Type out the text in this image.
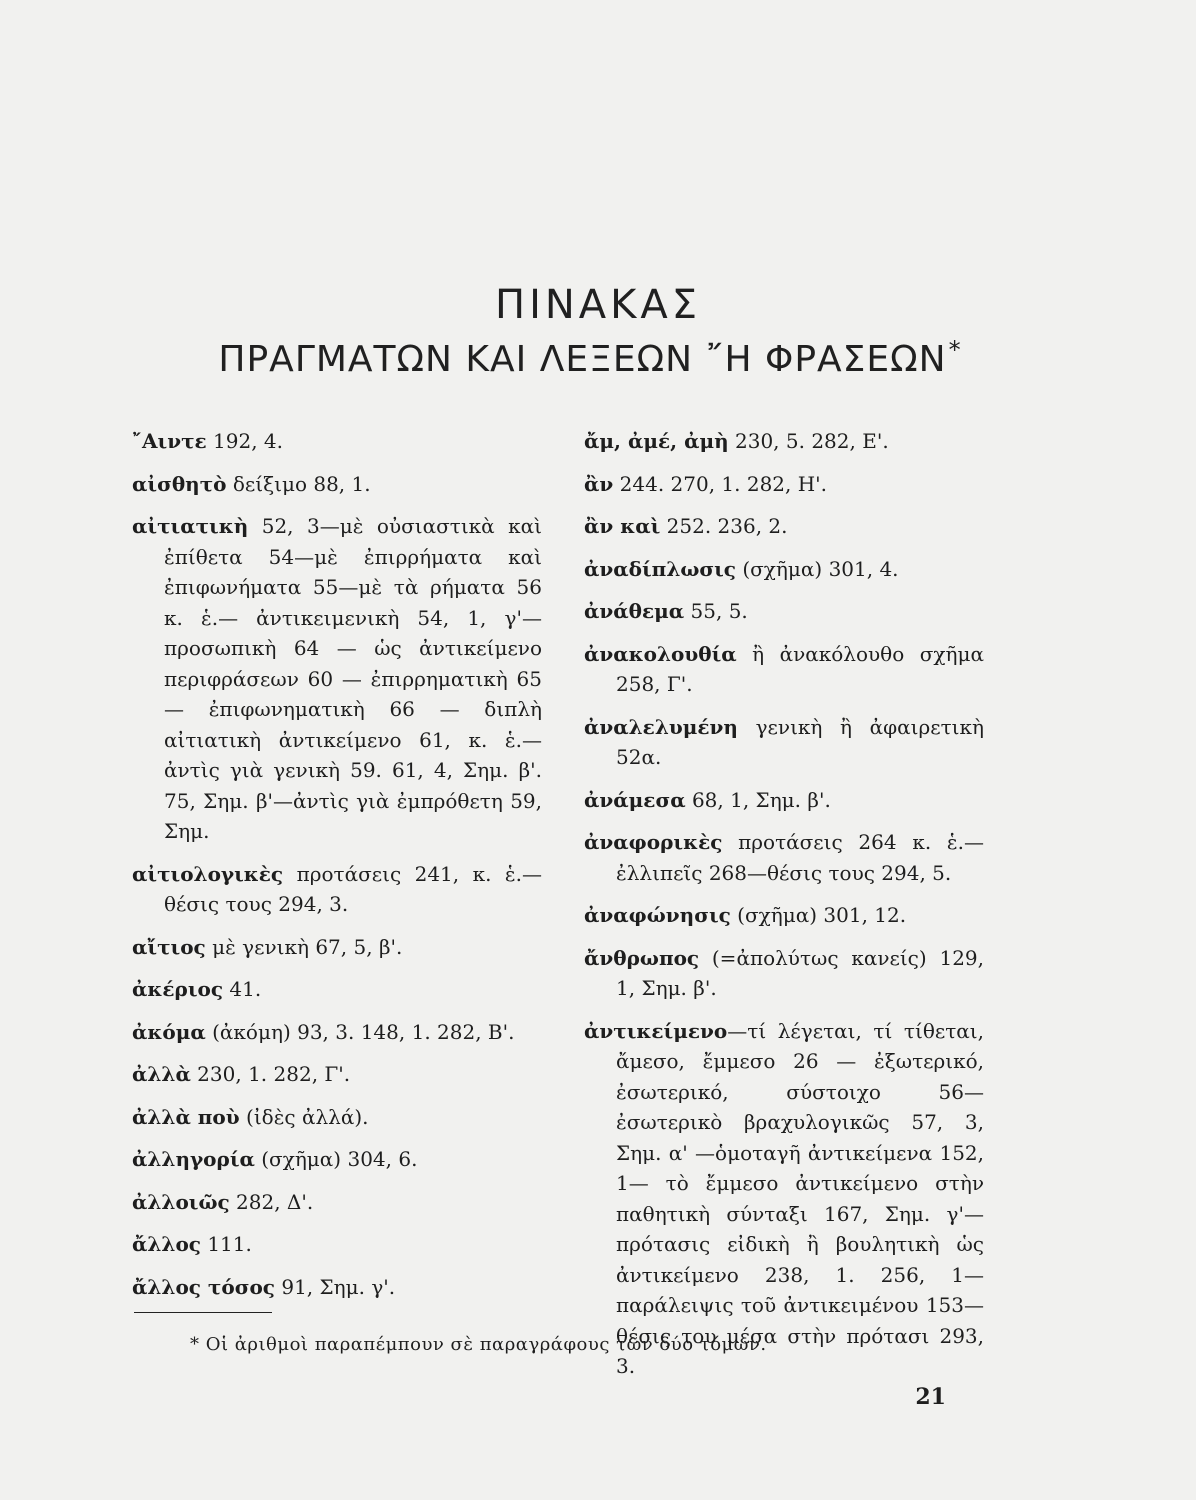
ΠΙΝΑΚΑΣ
ΠΡΑΓΜΑΤΩΝ ΚΑΙ ΛΕΞΕΩΝ ῎Η ΦΡΑΣΕΩΝ*
῎Αιντε 192, 4.
αἰσθητὸ δείξιμο 88, 1.
αἰτιατικὴ 52, 3—μὲ οὐσιαστικὰ καὶ ἐπίθετα 54—μὲ ἐπιρρήματα καὶ ἐπιφωνήματα 55—μὲ τὰ ρήματα 56 κ. ἑ.— ἀντικειμενικὴ 54, 1, γ'— προσωπικὴ 64 — ὡς ἀντικείμενο περιφράσεων 60 — ἐπιρρηματικὴ 65 — ἐπιφωνηματικὴ 66 — διπλὴ αἰτιατικὴ ἀντικείμενο 61, κ. ἑ.— ἀντὶς γιὰ γενικὴ 59. 61, 4, Σημ. β'. 75, Σημ. β'—ἀντὶς γιὰ ἐμπρόθετη 59, Σημ.
αἰτιολογικὲς προτάσεις 241, κ. ἑ.— θέσις τους 294, 3.
αἴτιος μὲ γενικὴ 67, 5, β'.
ἀκέριος 41.
ἀκόμα (ἀκόμη) 93, 3. 148, 1. 282, Β'.
ἀλλὰ 230, 1. 282, Γ'.
ἀλλὰ ποὺ (ἰδὲς ἀλλά).
ἀλληγορία (σχῆμα) 304, 6.
ἀλλοιῶς 282, Δ'.
ἄλλος 111.
ἄλλος τόσος 91, Σημ. γ'.
ἄμ, ἀμέ, ἀμὴ 230, 5. 282, Ε'.
ἂν 244. 270, 1. 282, Η'.
ἂν καὶ 252. 236, 2.
ἀναδίπλωσις (σχῆμα) 301, 4.
ἀνάθεμα 55, 5.
ἀνακολουθία ἢ ἀνακόλουθο σχῆμα 258, Γ'.
ἀναλελυμένη γενικὴ ἢ ἀφαιρετικὴ 52α.
ἀνάμεσα 68, 1, Σημ. β'.
ἀναφορικὲς προτάσεις 264 κ. ἑ.— ἐλλιπεῖς 268—θέσις τους 294, 5.
ἀναφώνησις (σχῆμα) 301, 12.
ἄνθρωπος (=ἀπολύτως κανείς) 129, 1, Σημ. β'.
ἀντικείμενο—τί λέγεται, τί τίθεται, ἄμεσο, ἔμμεσο 26 — ἐξωτερικό, ἐσωτερικό, σύστοιχο 56—ἐσωτερικὸ βραχυλογικῶς 57, 3, Σημ. α' —ὁμοταγῆ ἀντικείμενα 152, 1— τὸ ἔμμεσο ἀντικείμενο στὴν παθητικὴ σύνταξι 167, Σημ. γ'—πρότασις εἰδικὴ ἢ βουλητικὴ ὡς ἀντικείμενο 238, 1. 256, 1—παράλειψις τοῦ ἀντικειμένου 153—θέσις του μέσα στὴν πρότασι 293, 3.
* Οἱ ἀριθμοὶ παραπέμπουν σὲ παραγράφους τῶν δύο τόμων.
21
